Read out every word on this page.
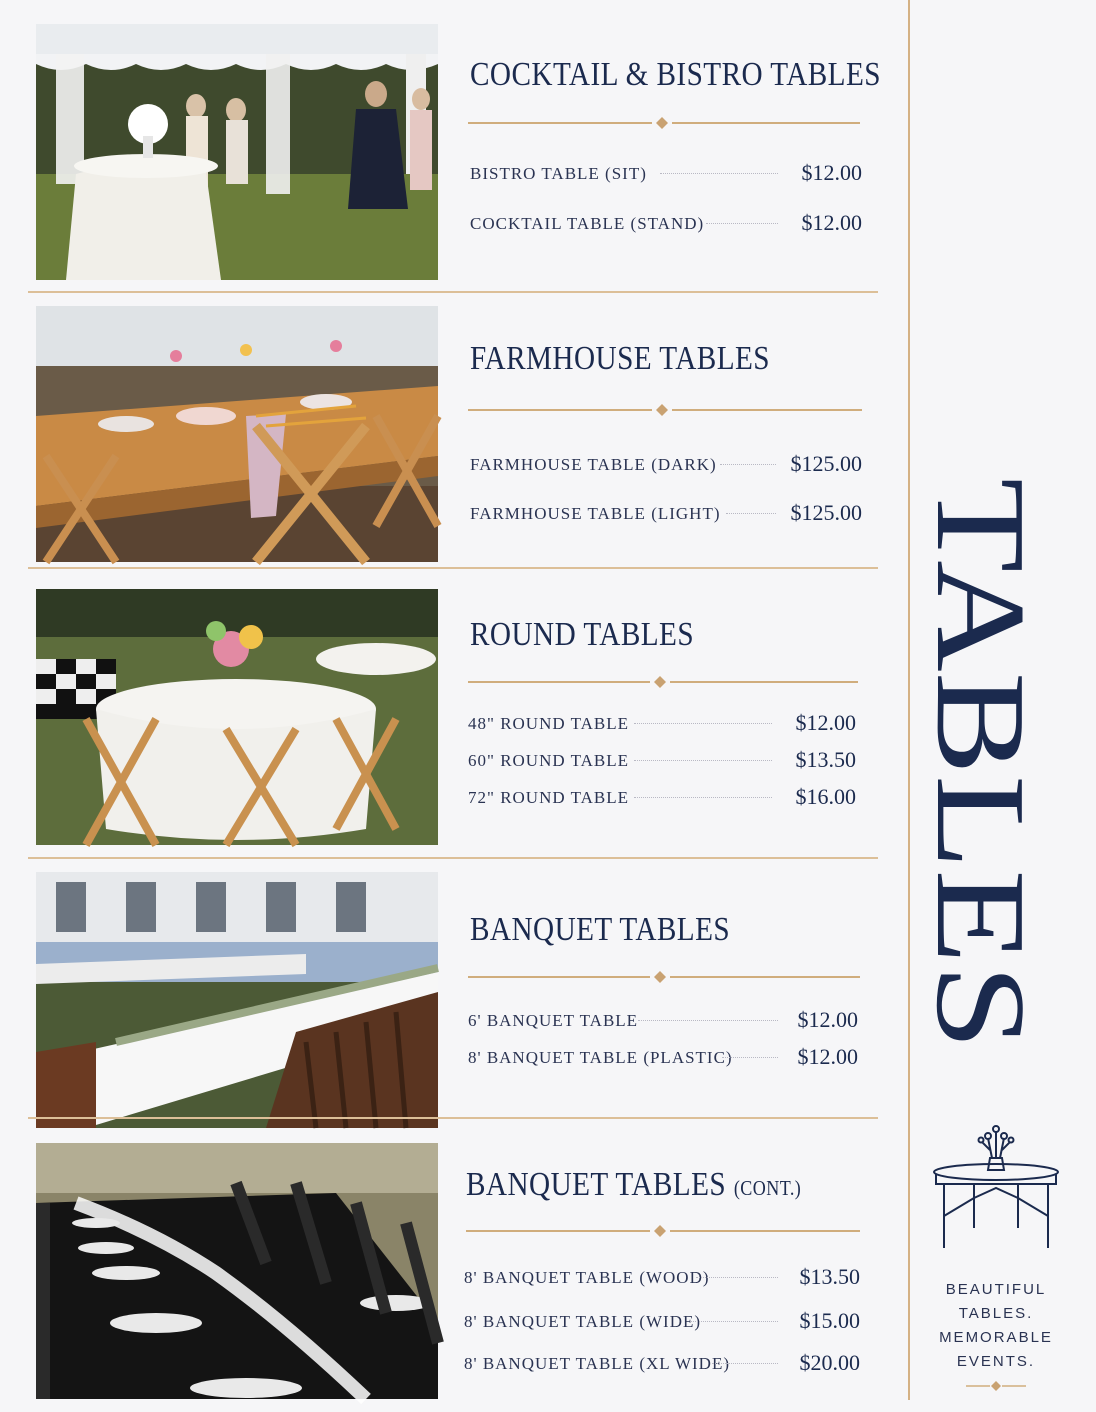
COCKTAIL & BISTRO TABLES
BISTRO TABLE (SIT)	$12.00
COCKTAIL TABLE (STAND)	$12.00
FARMHOUSE TABLES
FARMHOUSE TABLE (DARK)	$125.00
FARMHOUSE TABLE (LIGHT)	$125.00
ROUND TABLES
48" ROUND TABLE	$12.00
60" ROUND TABLE	$13.50
72" ROUND TABLE	$16.00
BANQUET TABLES
6' BANQUET TABLE	$12.00
8' BANQUET TABLE (PLASTIC)	$12.00
BANQUET TABLES (CONT.)
8' BANQUET TABLE (WOOD)	$13.50
8' BANQUET TABLE (WIDE)	$15.00
8' BANQUET TABLE (XL WIDE)	$20.00
TABLES
BEAUTIFUL
TABLES.
MEMORABLE
EVENTS.
